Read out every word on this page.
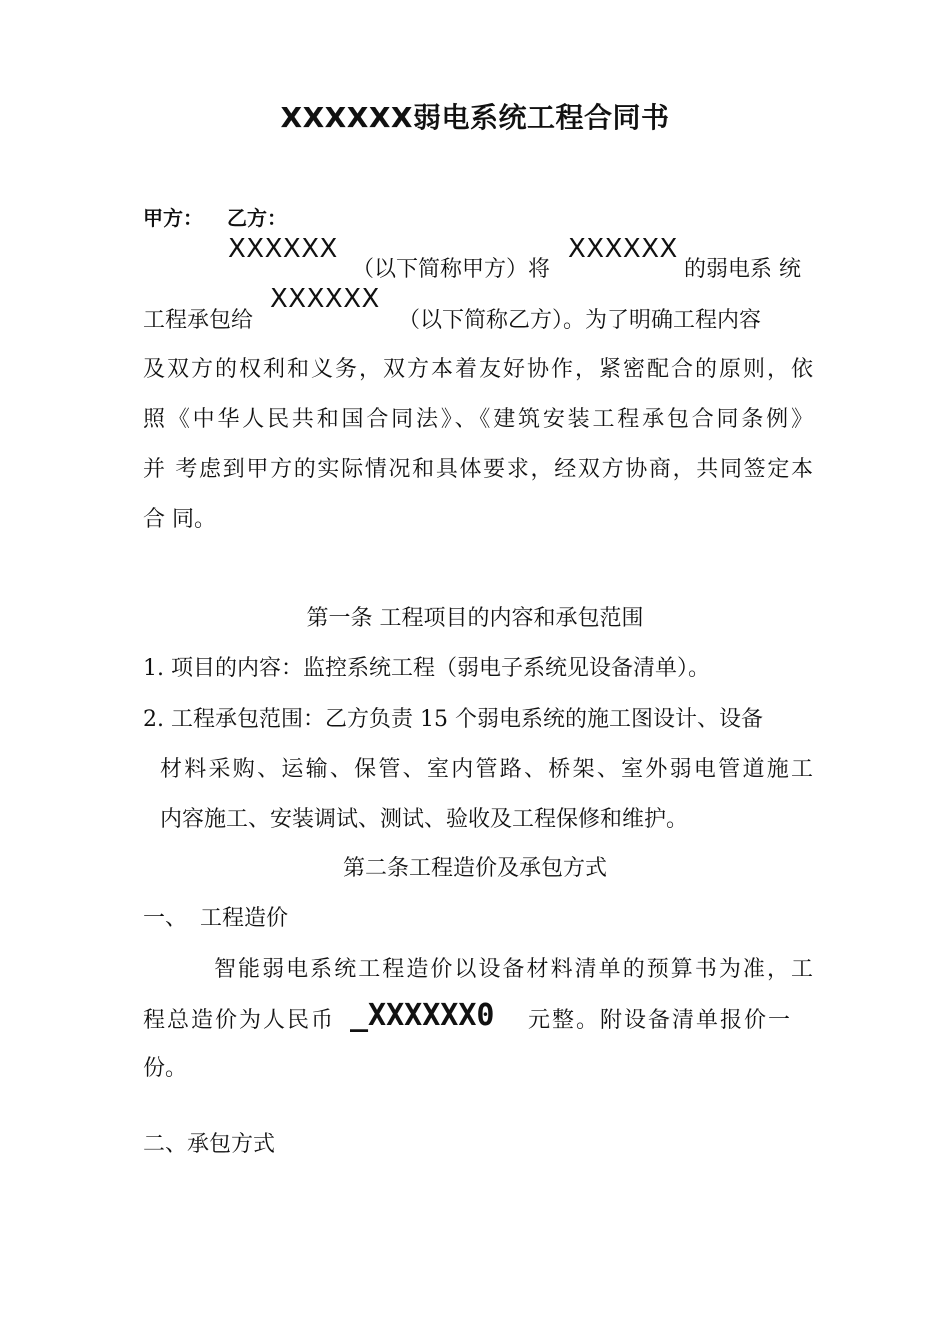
XXXXXX弱电系统工程合同书
甲方： 乙方：
XXXXXX
（以下简称甲方）将
XXXXXX
的弱电系 统
工程承包给
XXXXXX
（以下简称乙方）。为了明确工程内容
及双方的权利和义务，双方本着友好协作，紧密配合的原则，依
照《中华人民共和国合同法》、《建筑安装工程承包合同条例》
并 考虑到甲方的实际情况和具体要求，经双方协商，共同签定本
合 同。
第一条 工程项目的内容和承包范围
1. 项目的内容：监控系统工程（弱电子系统见设备清单）。
2. 工程承包范围：乙方负责 15 个弱电系统的施工图设计、设备
材料采购、运输、保管、室内管路、桥架、室外弱电管道施工
内容施工、安装调试、测试、验收及工程保修和维护。
第二条工程造价及承包方式
一、 工程造价
智能弱电系统工程造价以设备材料清单的预算书为准，工
程总造价为人民币 _XXXXXX0 元整。附设备清单报价一
份。
二、承包方式
